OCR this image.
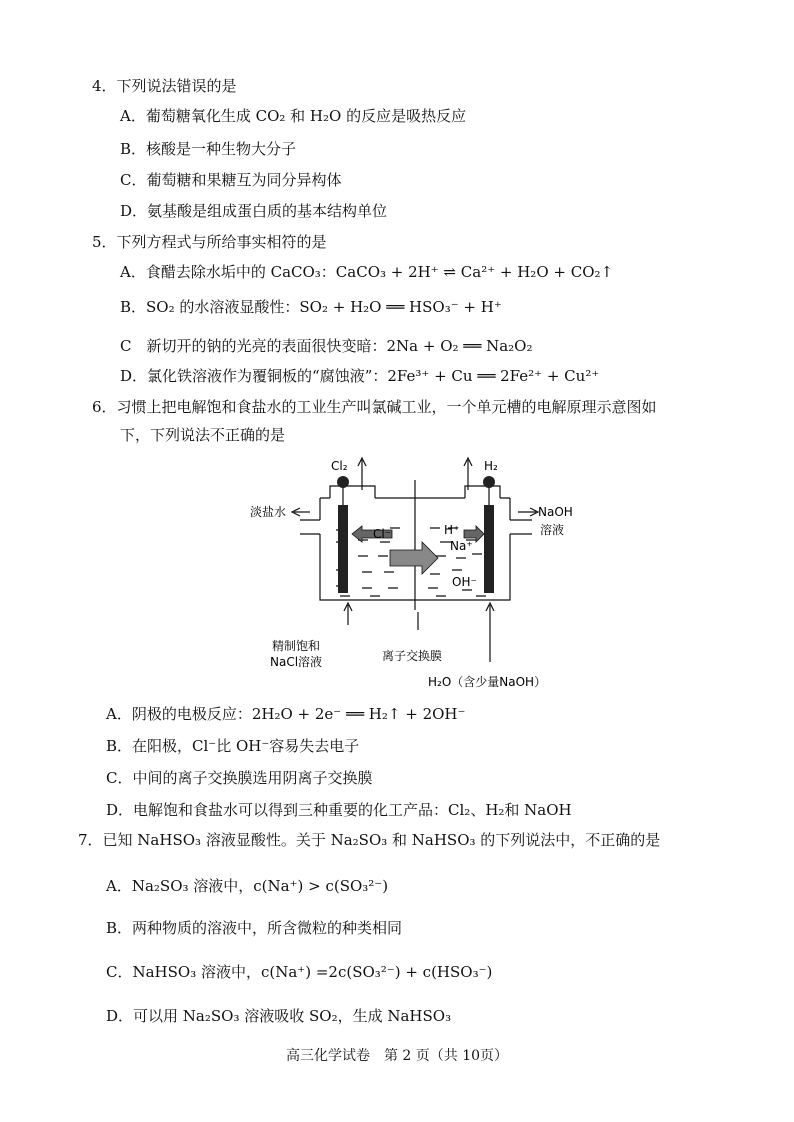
4．下列说法错误的是
A．葡萄糖氧化生成 CO₂ 和 H₂O 的反应是吸热反应
B．核酸是一种生物大分子
C．葡萄糖和果糖互为同分异构体
D．氨基酸是组成蛋白质的基本结构单位
5．下列方程式与所给事实相符的是
A．食醋去除水垢中的 CaCO₃：CaCO₃ + 2H⁺ ⇌ Ca²⁺ + H₂O + CO₂↑
B．SO₂ 的水溶液显酸性：SO₂ + H₂O ══ HSO₃⁻ + H⁺
C　新切开的钠的光亮的表面很快变暗：2Na + O₂ ══ Na₂O₂
D．氯化铁溶液作为覆铜板的“腐蚀液”：2Fe³⁺ + Cu ══ 2Fe²⁺ + Cu²⁺
6．习惯上把电解饱和食盐水的工业生产叫氯碱工业，一个单元槽的电解原理示意图如
下，下列说法不正确的是
Cl₂	H₂
淡盐水	NaOH
溶液
Cl⁻	H⁺
Na⁺
OH⁻
精制饱和
NaCl溶液	离子交换膜
H₂O（含少量NaOH）
A．阴极的电极反应：2H₂O + 2e⁻ ══ H₂↑ + 2OH⁻
B．在阳极，Cl⁻比 OH⁻容易失去电子
C．中间的离子交换膜选用阴离子交换膜
D．电解饱和食盐水可以得到三种重要的化工产品：Cl₂、H₂和 NaOH
7．已知 NaHSO₃ 溶液显酸性。关于 Na₂SO₃ 和 NaHSO₃ 的下列说法中，不正确的是
A．Na₂SO₃ 溶液中，c(Na⁺) > c(SO₃²⁻)
B．两种物质的溶液中，所含微粒的种类相同
C．NaHSO₃ 溶液中，c(Na⁺) =2c(SO₃²⁻) + c(HSO₃⁻)
D．可以用 Na₂SO₃ 溶液吸收 SO₂，生成 NaHSO₃
高三化学试卷　第 2 页（共 10页）
